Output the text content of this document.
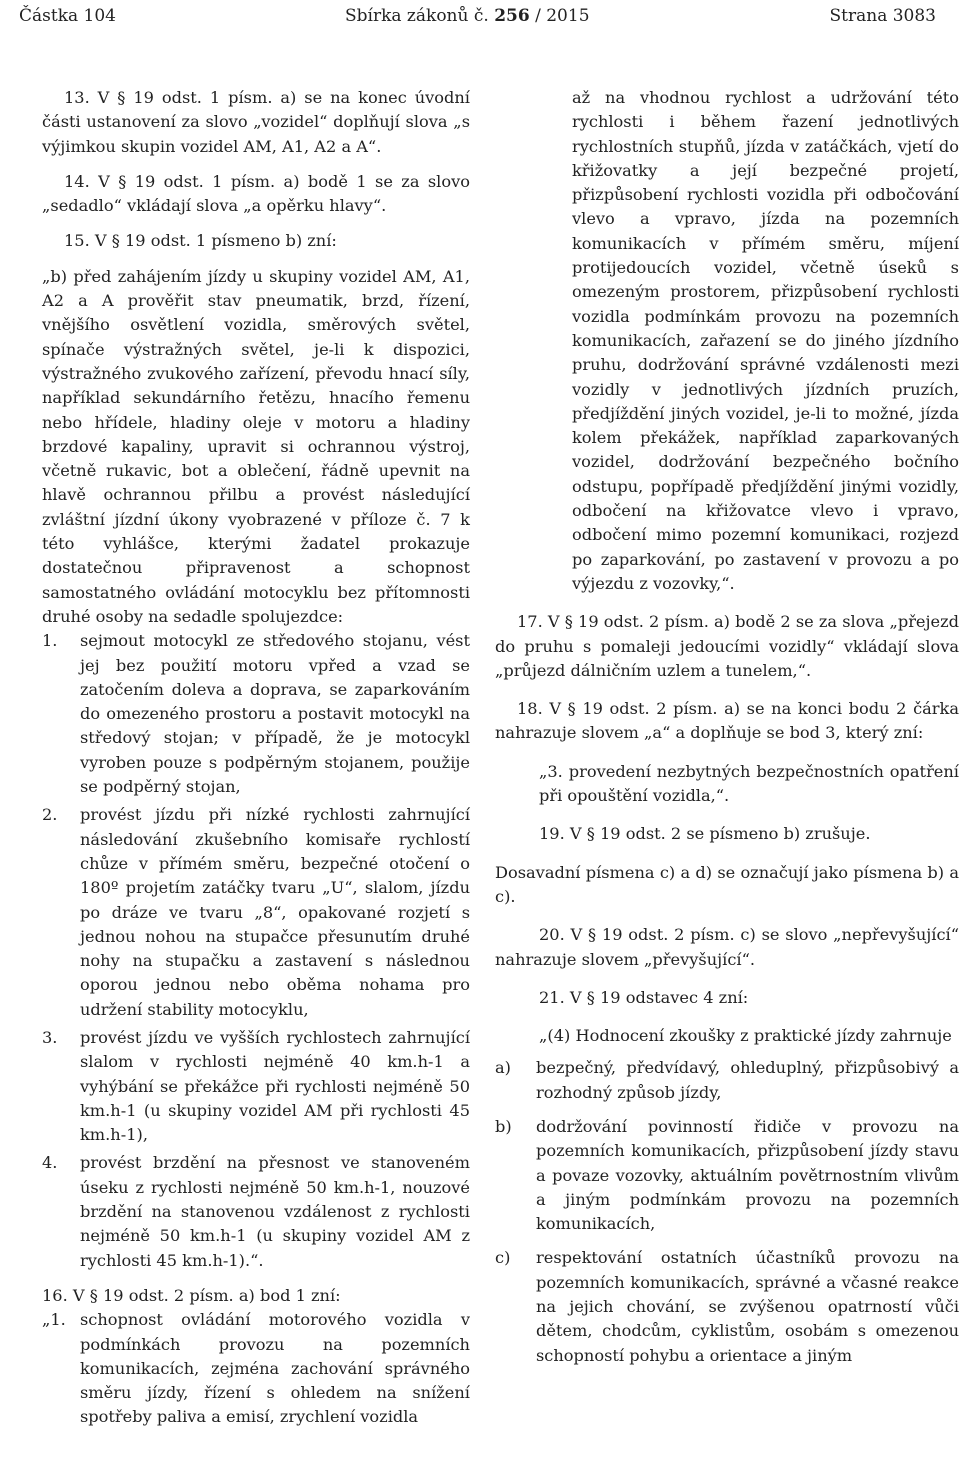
Částka 104	Sbírka zákonů č. 256 / 2015	Strana 3083

13. V § 19 odst. 1 písm. a) se na konec úvodní části ustanovení za slovo „vozidel“ doplňují slova „s výjimkou skupin vozidel AM, A1, A2 a A“.

14. V § 19 odst. 1 písm. a) bodě 1 se za slovo „sedadlo“ vkládají slova „a opěrku hlavy“.

15. V § 19 odst. 1 písmeno b) zní:

„b) před zahájením jízdy u skupiny vozidel AM, A1, A2 a A prověřit stav pneumatik, brzd, řízení, vnějšího osvětlení vozidla, směrových světel, spínače výstražných světel, je-li k dispozici, výstražného zvukového zařízení, převodu hnací síly, například sekundárního řetězu, hnacího řemenu nebo hřídele, hladiny oleje v motoru a hladiny brzdové kapaliny, upravit si ochrannou výstroj, včetně rukavic, bot a oblečení, řádně upevnit na hlavě ochrannou přilbu a provést následující zvláštní jízdní úkony vyobrazené v příloze č. 7 k této vyhlášce, kterými žadatel prokazuje dostatečnou připravenost a schopnost samostatného ovládání motocyklu bez přítomnosti druhé osoby na sedadle spolujezdce:

1. sejmout motocykl ze středového stojanu, vést jej bez použití motoru vpřed a vzad se zatočením doleva a doprava, se zaparkováním do omezeného prostoru a postavit motocykl na středový stojan; v případě, že je motocykl vyroben pouze s podpěrným stojanem, použije se podpěrný stojan,
2. provést jízdu při nízké rychlosti zahrnující následování zkušebního komisaře rychlostí chůze v přímém směru, bezpečné otočení o 180º projetím zatáčky tvaru „U“, slalom, jízdu po dráze ve tvaru „8“, opakované rozjetí s jednou nohou na stupačce přesunutím druhé nohy na stupačku a zastavení s následnou oporou jednou nebo oběma nohama pro udržení stability motocyklu,
3. provést jízdu ve vyšších rychlostech zahrnující slalom v rychlosti nejméně 40 km.h-1 a vyhýbání se překážce při rychlosti nejméně 50 km.h-1 (u skupiny vozidel AM při rychlosti 45 km.h-1),
4. provést brzdění na přesnost ve stanoveném úseku z rychlosti nejméně 50 km.h-1, nouzové brzdění na stanovenou vzdálenost z rychlosti nejméně 50 km.h-1 (u skupiny vozidel AM z rychlosti 45 km.h-1).“.

16. V § 19 odst. 2 písm. a) bod 1 zní:

„1. schopnost ovládání motorového vozidla v podmínkách provozu na pozemních komunikacích, zejména zachování správného směru jízdy, řízení s ohledem na snížení spotřeby paliva a emisí, zrychlení vozidla

až na vhodnou rychlost a udržování této rychlosti i během řazení jednotlivých rychlostních stupňů, jízda v zatáčkách, vjetí do křižovatky a její bezpečné projetí, přizpůsobení rychlosti vozidla při odbočování vlevo a vpravo, jízda na pozemních komunikacích v přímém směru, míjení protijedoucích vozidel, včetně úseků s omezeným prostorem, přizpůsobení rychlosti vozidla podmínkám provozu na pozemních komunikacích, zařazení se do jiného jízdního pruhu, dodržování správné vzdálenosti mezi vozidly v jednotlivých jízdních pruzích, předjíždění jiných vozidel, je-li to možné, jízda kolem překážek, například zaparkovaných vozidel, dodržování bezpečného bočního odstupu, popřípadě předjíždění jinými vozidly, odbočení na křižovatce vlevo i vpravo, odbočení mimo pozemní komunikaci, rozjezd po zaparkování, po zastavení v provozu a po výjezdu z vozovky,“.

17. V § 19 odst. 2 písm. a) bodě 2 se za slova „přejezd do pruhu s pomaleji jedoucími vozidly“ vkládají slova „průjezd dálničním uzlem a tunelem,“.

18. V § 19 odst. 2 písm. a) se na konci bodu 2 čárka nahrazuje slovem „a“ a doplňuje se bod 3, který zní:

„3. provedení nezbytných bezpečnostních opatření při opouštění vozidla,“.

19. V § 19 odst. 2 se písmeno b) zrušuje.

Dosavadní písmena c) a d) se označují jako písmena b) a c).

20. V § 19 odst. 2 písm. c) se slovo „nepřevyšující“ nahrazuje slovem „převyšující“.

21. V § 19 odstavec 4 zní:

„(4) Hodnocení zkoušky z praktické jízdy zahrnuje

a) bezpečný, předvídavý, ohleduplný, přizpůsobivý a rozhodný způsob jízdy,
b) dodržování povinností řidiče v provozu na pozemních komunikacích, přizpůsobení jízdy stavu a povaze vozovky, aktuálním povětrnostním vlivům a jiným podmínkám provozu na pozemních komunikacích,
c) respektování ostatních účastníků provozu na pozemních komunikacích, správné a včasné reakce na jejich chování, se zvýšenou opatrností vůči dětem, chodcům, cyklistům, osobám s omezenou schopností pohybu a orientace a jiným
